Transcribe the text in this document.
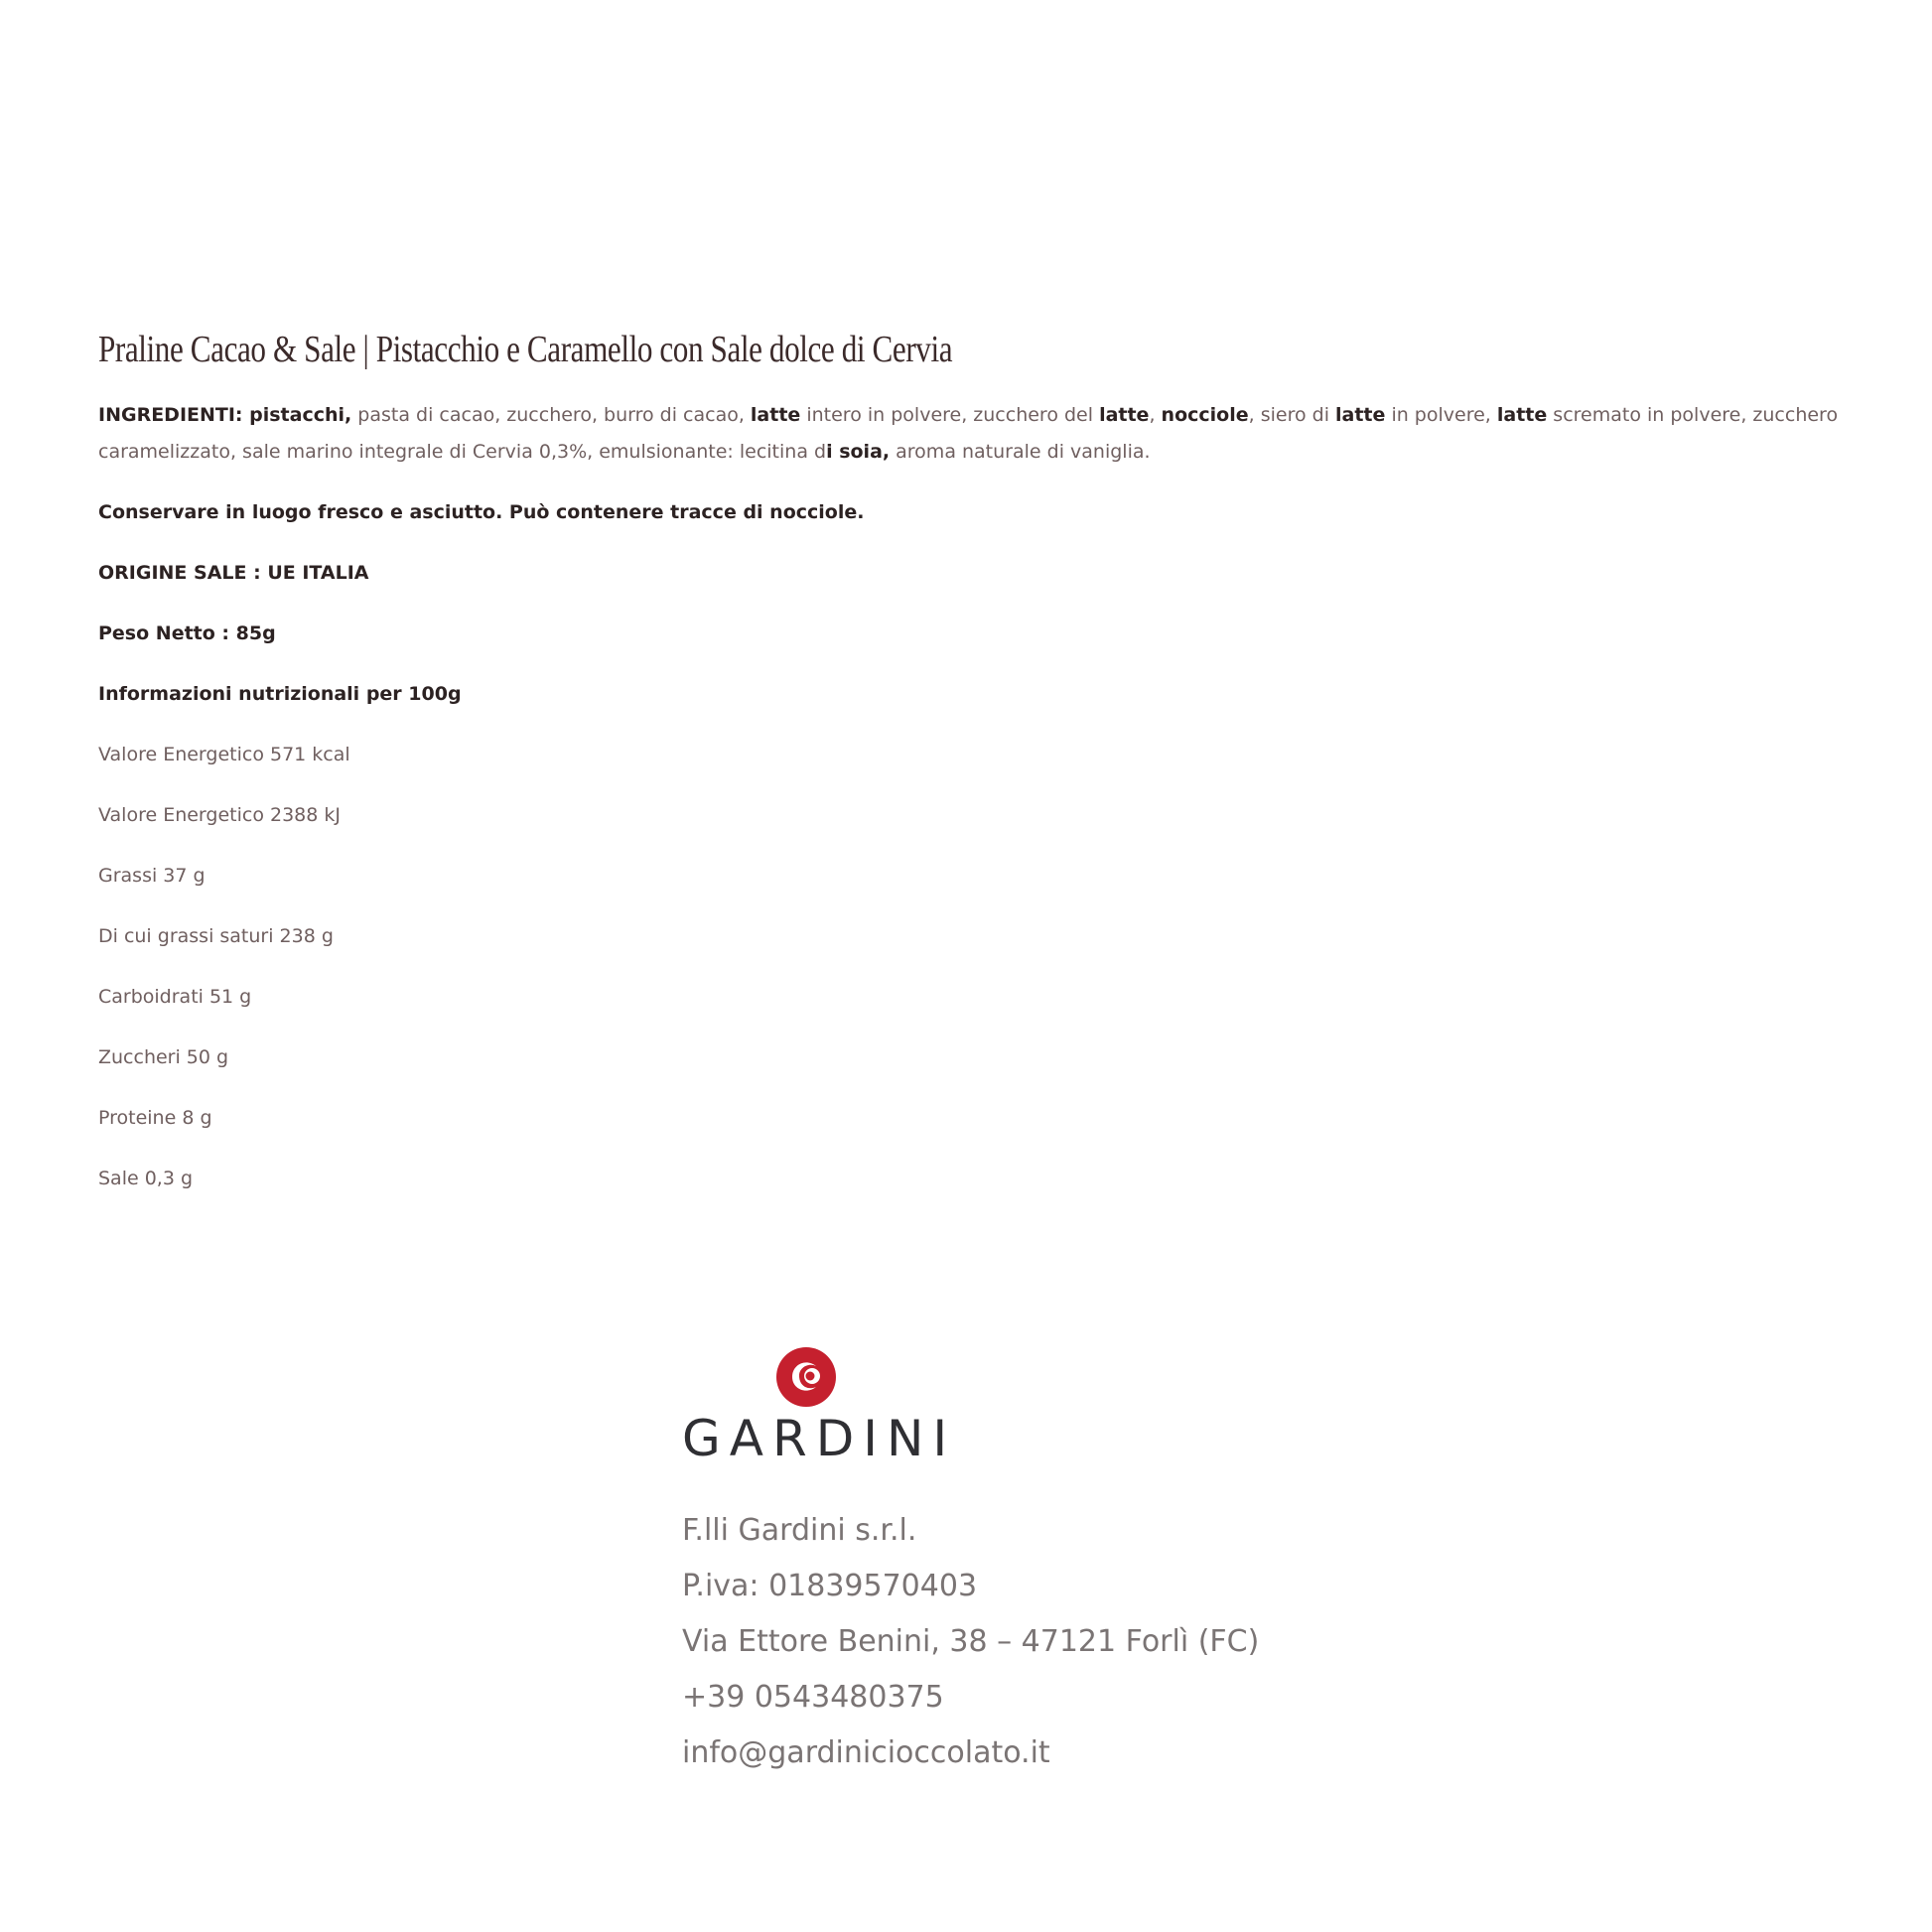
Praline Cacao & Sale | Pistacchio e Caramello con Sale dolce di Cervia

INGREDIENTI: pistacchi, pasta di cacao, zucchero, burro di cacao, latte intero in polvere, zucchero del latte, nocciole, siero di latte in polvere, latte scremato in polvere, zucchero caramelizzato, sale marino integrale di Cervia 0,3%, emulsionante: lecitina di soia, aroma naturale di vaniglia.

Conservare in luogo fresco e asciutto. Può contenere tracce di nocciole.

ORIGINE SALE : UE ITALIA

Peso Netto : 85g

Informazioni nutrizionali per 100g

Valore Energetico 571 kcal

Valore Energetico 2388 kJ

Grassi 37 g

Di cui grassi saturi 238 g

Carboidrati 51 g

Zuccheri 50 g

Proteine 8 g

Sale 0,3 g

GARDINI
F.lli Gardini s.r.l.
P.iva: 01839570403
Via Ettore Benini, 38 – 47121 Forlì (FC)
+39 0543480375
info@gardinicioccolato.it
